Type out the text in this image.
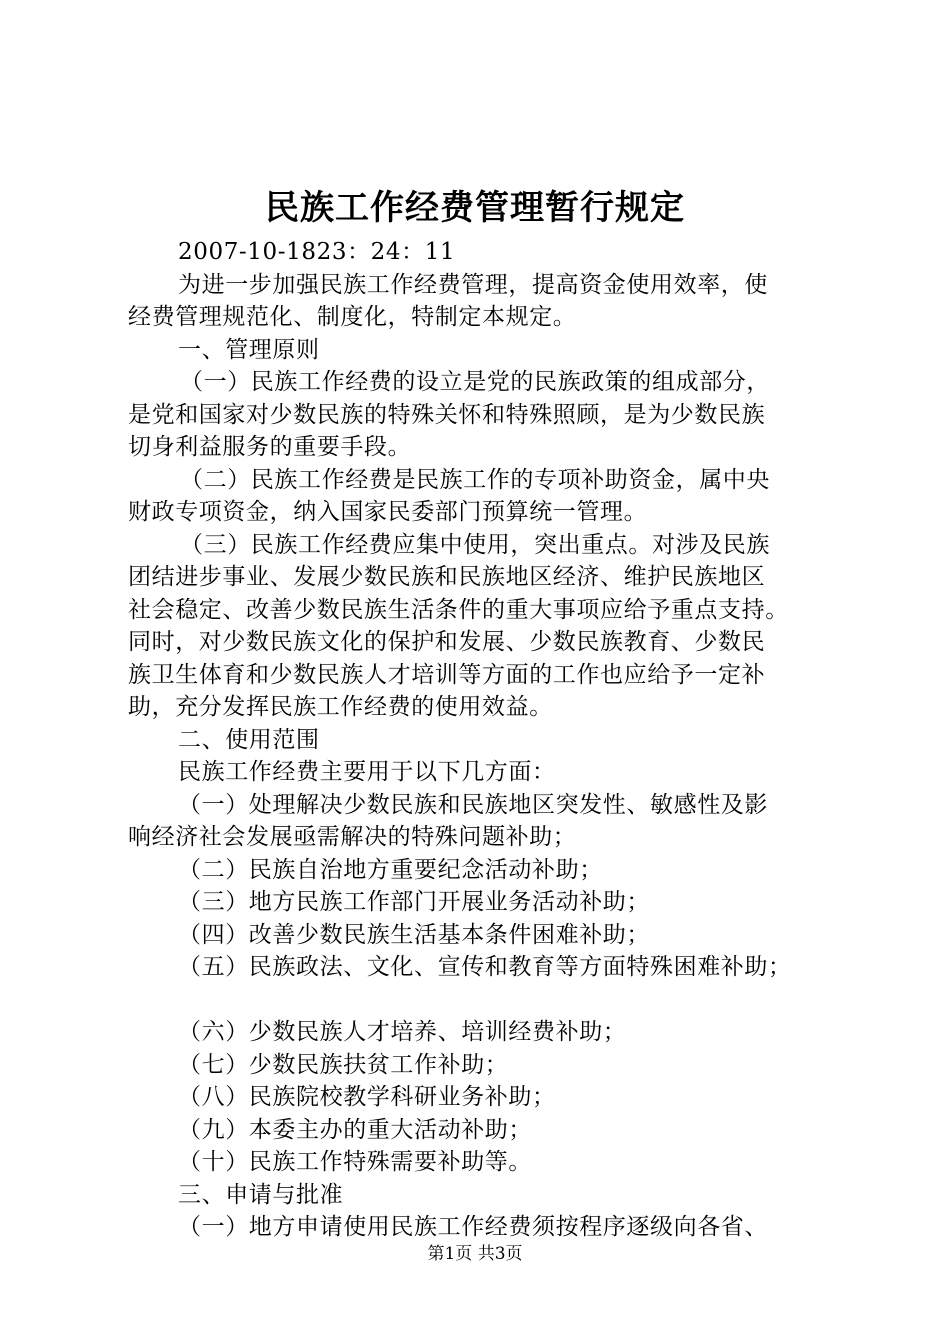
民族工作经费管理暂行规定
2007-10-1823：24：11
为进一步加强民族工作经费管理，提高资金使用效率，使
经费管理规范化、制度化，特制定本规定。
一、管理原则
（一）民族工作经费的设立是党的民族政策的组成部分，
是党和国家对少数民族的特殊关怀和特殊照顾，是为少数民族
切身利益服务的重要手段。
（二）民族工作经费是民族工作的专项补助资金，属中央
财政专项资金，纳入国家民委部门预算统一管理。
（三）民族工作经费应集中使用，突出重点。对涉及民族
团结进步事业、发展少数民族和民族地区经济、维护民族地区
社会稳定、改善少数民族生活条件的重大事项应给予重点支持。
同时，对少数民族文化的保护和发展、少数民族教育、少数民
族卫生体育和少数民族人才培训等方面的工作也应给予一定补
助，充分发挥民族工作经费的使用效益。
二、使用范围
民族工作经费主要用于以下几方面：
（一）处理解决少数民族和民族地区突发性、敏感性及影
响经济社会发展亟需解决的特殊问题补助；
（二）民族自治地方重要纪念活动补助；
（三）地方民族工作部门开展业务活动补助；
（四）改善少数民族生活基本条件困难补助；
（五）民族政法、文化、宣传和教育等方面特殊困难补助；
（六）少数民族人才培养、培训经费补助；
（七）少数民族扶贫工作补助；
（八）民族院校教学科研业务补助；
（九）本委主办的重大活动补助；
（十）民族工作特殊需要补助等。
三、申请与批准
（一）地方申请使用民族工作经费须按程序逐级向各省、
第1页 共3页
